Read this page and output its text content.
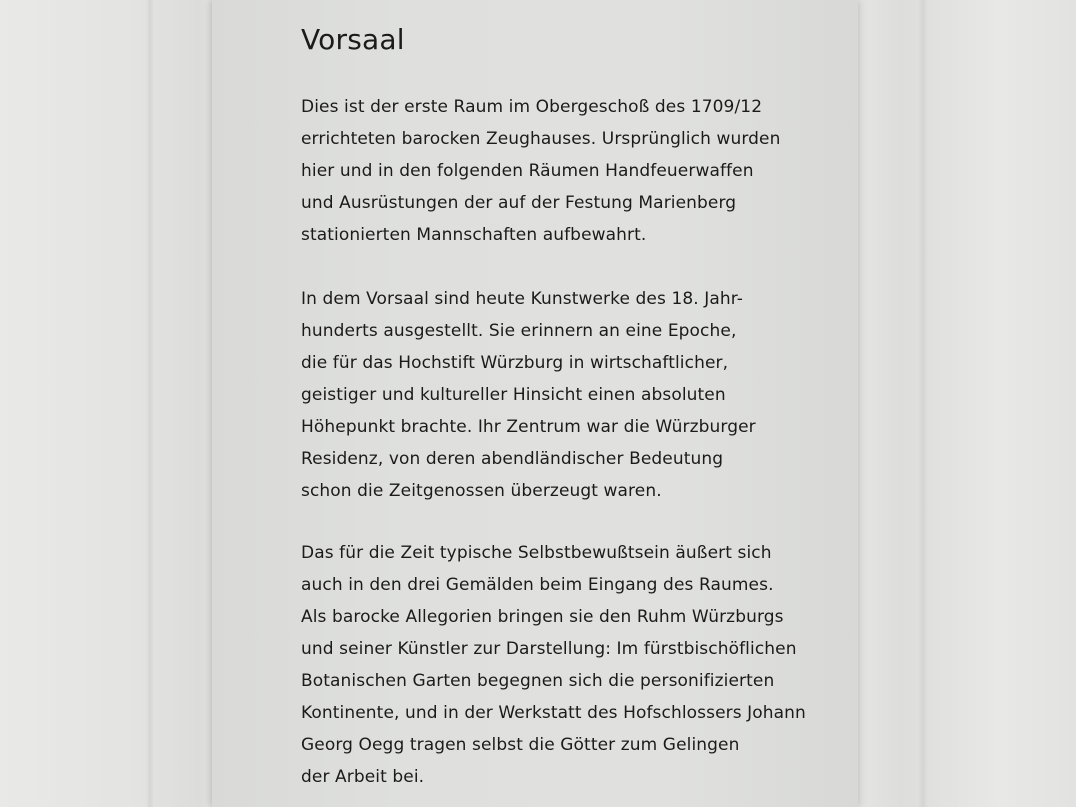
Vorsaal
Dies ist der erste Raum im Obergeschoß des 1709/12
errichteten barocken Zeughauses. Ursprünglich wurden
hier und in den folgenden Räumen Handfeuerwaffen
und Ausrüstungen der auf der Festung Marienberg
stationierten Mannschaften aufbewahrt.
In dem Vorsaal sind heute Kunstwerke des 18. Jahr-
hunderts ausgestellt. Sie erinnern an eine Epoche,
die für das Hochstift Würzburg in wirtschaftlicher,
geistiger und kultureller Hinsicht einen absoluten
Höhepunkt brachte. Ihr Zentrum war die Würzburger
Residenz, von deren abendländischer Bedeutung
schon die Zeitgenossen überzeugt waren.
Das für die Zeit typische Selbstbewußtsein äußert sich
auch in den drei Gemälden beim Eingang des Raumes.
Als barocke Allegorien bringen sie den Ruhm Würzburgs
und seiner Künstler zur Darstellung: Im fürstbischöflichen
Botanischen Garten begegnen sich die personifizierten
Kontinente, und in der Werkstatt des Hofschlossers Johann
Georg Oegg tragen selbst die Götter zum Gelingen
der Arbeit bei.
